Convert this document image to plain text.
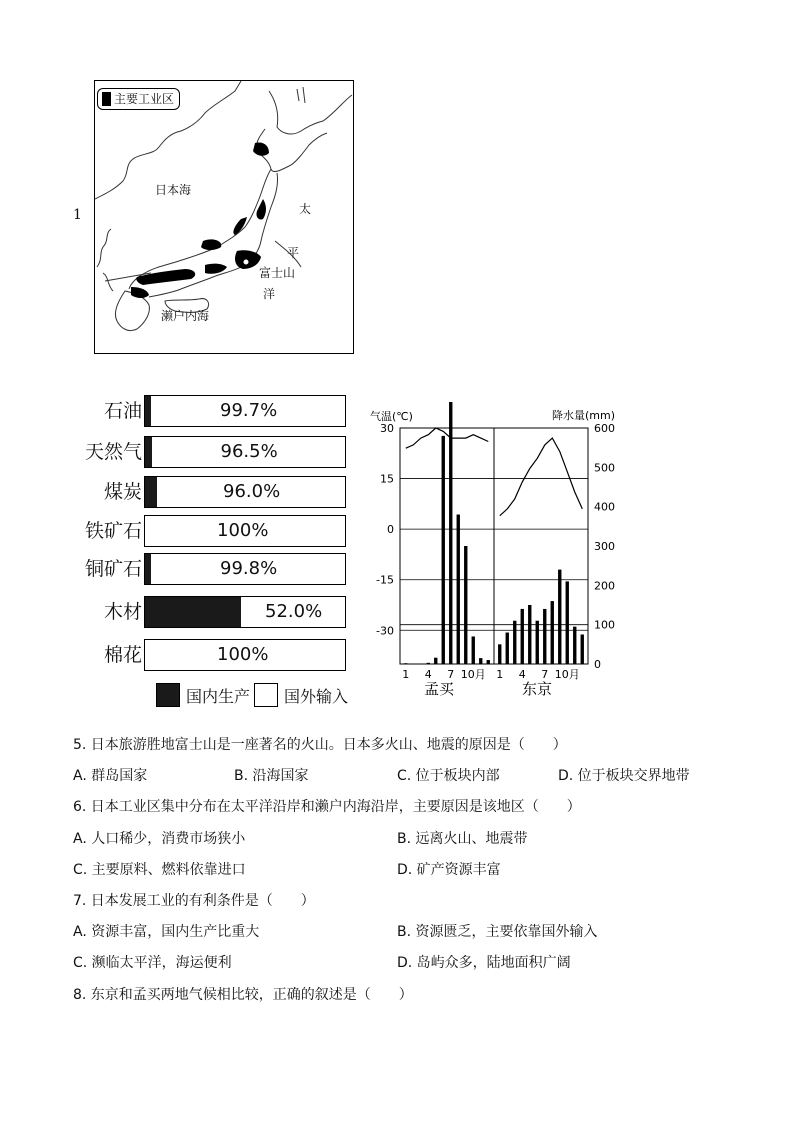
1
主要工业区
日本海
太
平
富士山
洋
濑户内海
石油	99.7%
天然气	96.5%
煤炭	96.0%
铁矿石	100%
铜矿石	99.8%
木材	52.0%
棉花	100%
国内生产 国外输入
气温(℃)	降水量(mm)
30
15
0
-15
-30
600
500
400
300
200
100
0
1 4 7 10月 1 4 7 10月
孟买	东京
5. 日本旅游胜地富士山是一座著名的火山。日本多火山、地震的原因是（　　）
A. 群岛国家	B. 沿海国家	C. 位于板块内部	D. 位于板块交界地带
6. 日本工业区集中分布在太平洋沿岸和濑户内海沿岸，主要原因是该地区（　　）
A. 人口稀少，消费市场狭小	B. 远离火山、地震带
C. 主要原料、燃料依靠进口	D. 矿产资源丰富
7. 日本发展工业的有利条件是（　　）
A. 资源丰富，国内生产比重大	B. 资源匮乏，主要依靠国外输入
C. 濒临太平洋，海运便利	D. 岛屿众多，陆地面积广阔
8. 东京和孟买两地气候相比较，正确的叙述是（　　）
